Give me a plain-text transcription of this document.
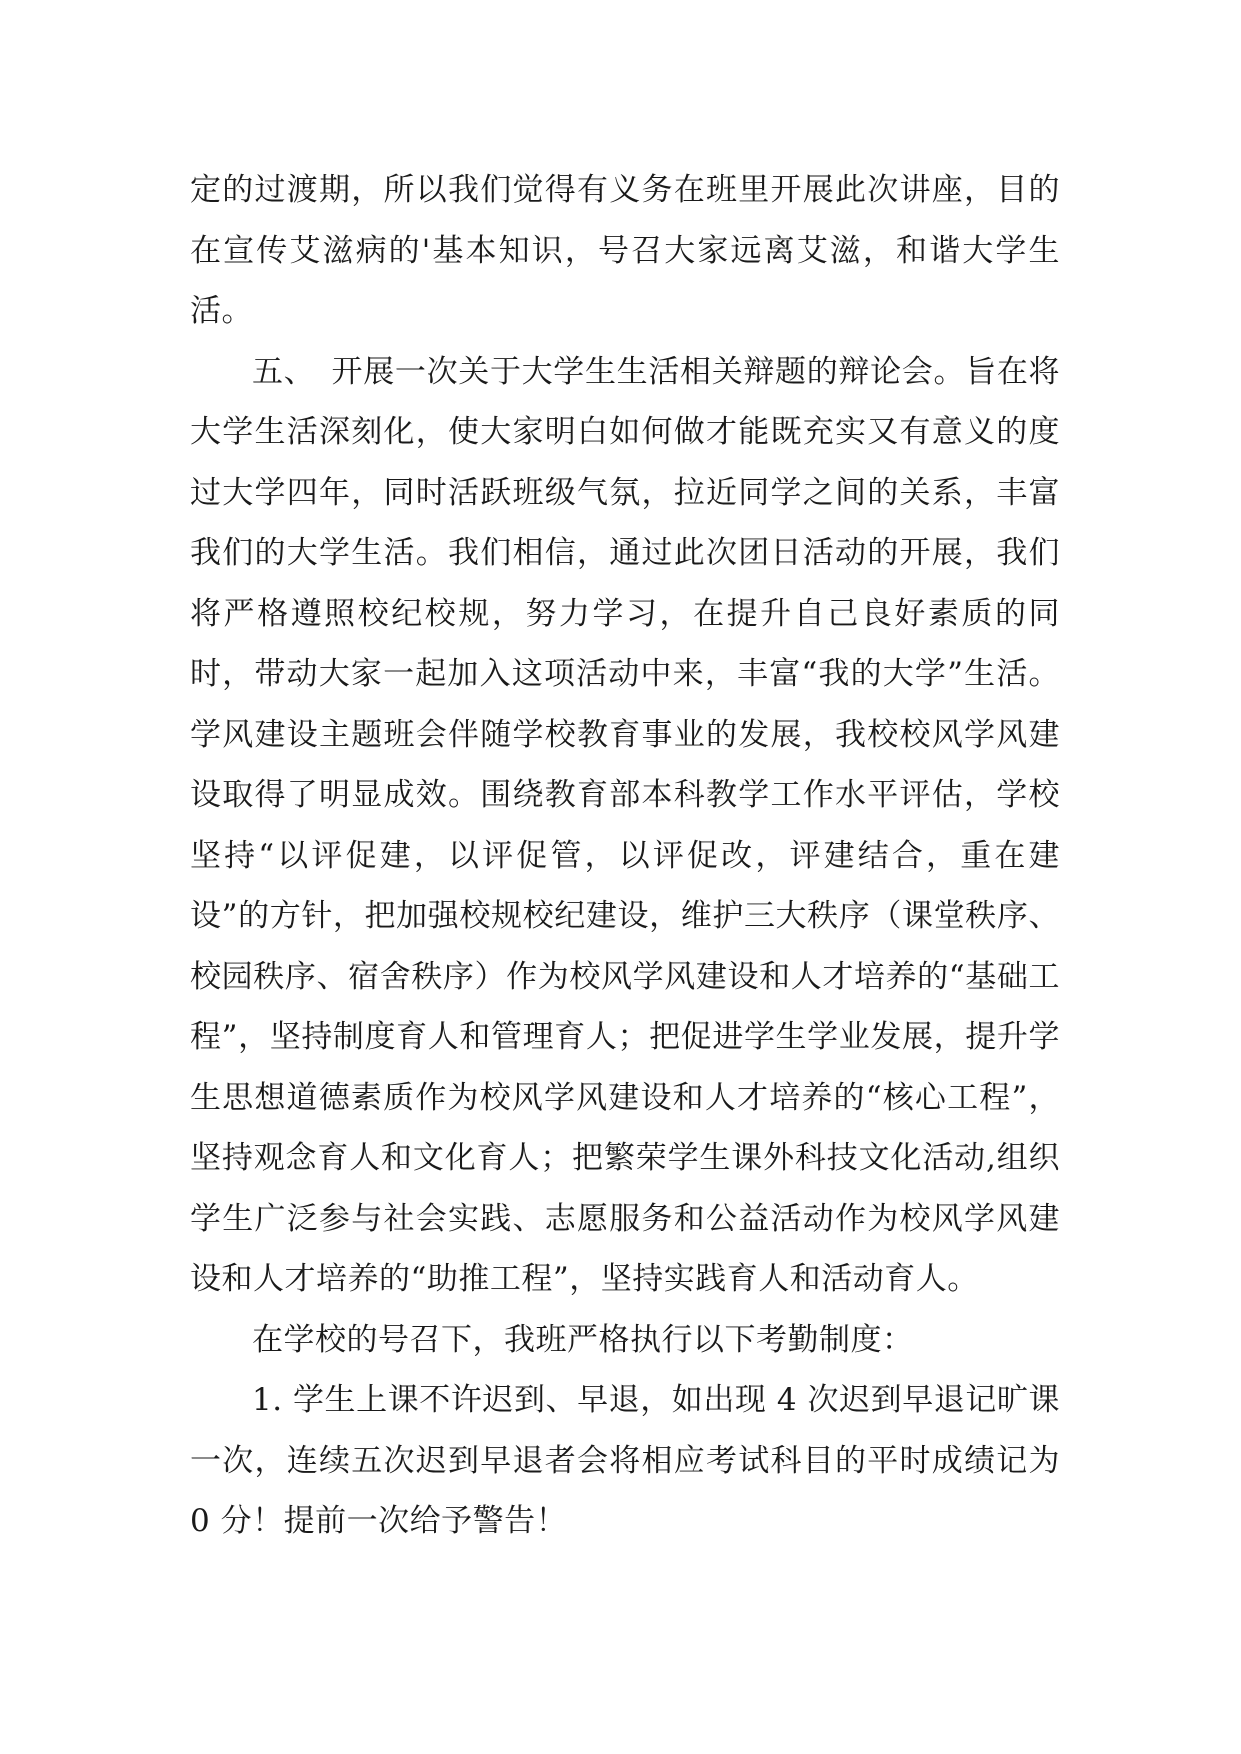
定的过渡期，所以我们觉得有义务在班里开展此次讲座，目的在宣传艾滋病的'基本知识，号召大家远离艾滋，和谐大学生活。

五、　开展一次关于大学生生活相关辩题的辩论会。旨在将大学生活深刻化，使大家明白如何做才能既充实又有意义的度过大学四年，同时活跃班级气氛，拉近同学之间的关系，丰富我们的大学生活。我们相信，通过此次团日活动的开展，我们将严格遵照校纪校规，努力学习，在提升自己良好素质的同时，带动大家一起加入这项活动中来，丰富“我的大学”生活。学风建设主题班会伴随学校教育事业的发展，我校校风学风建设取得了明显成效。围绕教育部本科教学工作水平评估，学校坚持“以评促建，以评促管，以评促改，评建结合，重在建设”的方针，把加强校规校纪建设，维护三大秩序（课堂秩序、校园秩序、宿舍秩序）作为校风学风建设和人才培养的“基础工程”，坚持制度育人和管理育人；把促进学生学业发展，提升学生思想道德素质作为校风学风建设和人才培养的“核心工程”，坚持观念育人和文化育人；把繁荣学生课外科技文化活动,组织学生广泛参与社会实践、志愿服务和公益活动作为校风学风建设和人才培养的“助推工程”，坚持实践育人和活动育人。

在学校的号召下，我班严格执行以下考勤制度：

1. 学生上课不许迟到、早退，如出现 4 次迟到早退记旷课一次，连续五次迟到早退者会将相应考试科目的平时成绩记为 0 分！提前一次给予警告！
